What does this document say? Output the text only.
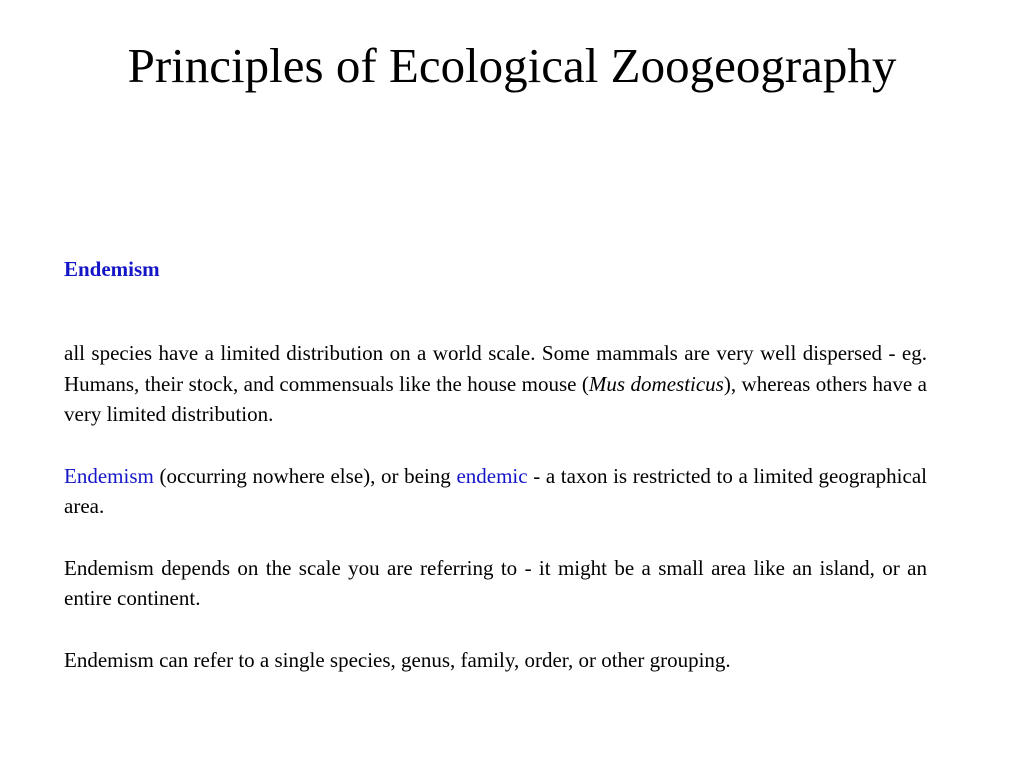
Principles of Ecological Zoogeography

Endemism

all species have a limited distribution on a world scale. Some mammals are very well dispersed - eg. Humans, their stock, and commensuals like the house mouse (Mus domesticus), whereas others have a very limited distribution.

Endemism (occurring nowhere else), or being endemic - a taxon is restricted to a limited geographical area.

Endemism depends on the scale you are referring to - it might be a small area like an island, or an entire continent.

Endemism can refer to a single species, genus, family, order, or other grouping.
